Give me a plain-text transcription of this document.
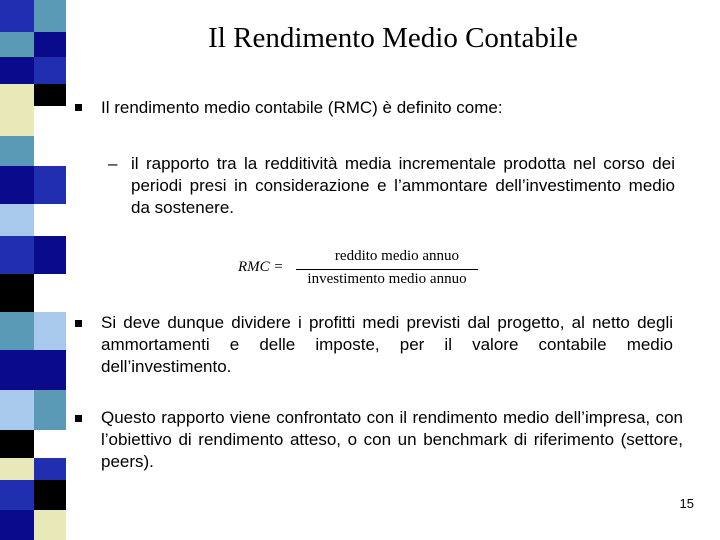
Il Rendimento Medio Contabile
Il rendimento medio contabile (RMC) è definito come:
– il rapporto tra la redditività media incrementale prodotta nel corso dei periodi presi in considerazione e l’ammontare dell’investimento medio da sostenere.
RMC =
reddito medio annuo
investimento medio annuo
Si deve dunque dividere i profitti medi previsti dal progetto, al netto degli ammortamenti e delle imposte, per il valore contabile medio dell’investimento.
Questo rapporto viene confrontato con il rendimento medio dell’impresa, con l’obiettivo di rendimento atteso, o con un benchmark di riferimento (settore, peers).
15
